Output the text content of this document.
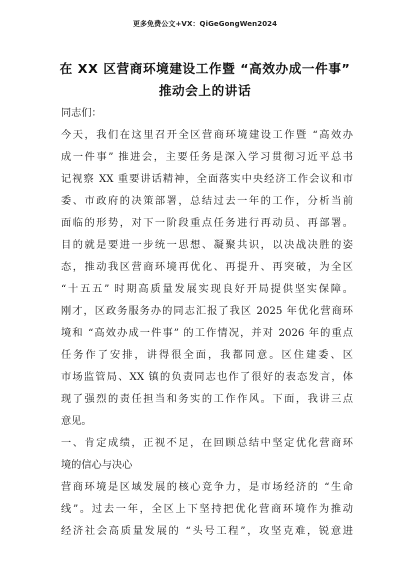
更多免费公文+VX：QiGeGongWen2024
在 XX 区营商环境建设工作暨 “高效办成一件事”
推动会上的讲话
同志们：
今天，我们在这里召开全区营商环境建设工作暨 “高效办
成一件事” 推进会，主要任务是深入学习贯彻习近平总书
记视察 XX 重要讲话精神，全面落实中央经济工作会议和市
委、市政府的决策部署，总结过去一年的工作，分析当前
面临的形势，对下一阶段重点任务进行再动员、再部署。
目的就是要进一步统一思想、凝聚共识，以决战决胜的姿
态，推动我区营商环境再优化、再提升、再突破，为全区
“十五五” 时期高质量发展实现良好开局提供坚实保障。
刚才，区政务服务办的同志汇报了我区 2025 年优化营商环
境和 “高效办成一件事” 的工作情况，并对 2026 年的重点
任务作了安排，讲得很全面，我都同意。区住建委、区
市场监管局、XX 镇的负责同志也作了很好的表态发言，体
现了强烈的责任担当和务实的工作作风。下面，我讲三点
意见。
一、肯定成绩，正视不足，在回顾总结中坚定优化营商环
境的信心与决心
营商环境是区域发展的核心竞争力，是市场经济的 “生命
线”。过去一年，全区上下坚持把优化营商环境作为推动
经济社会高质量发展的 “头号工程”，攻坚克难，锐意进
